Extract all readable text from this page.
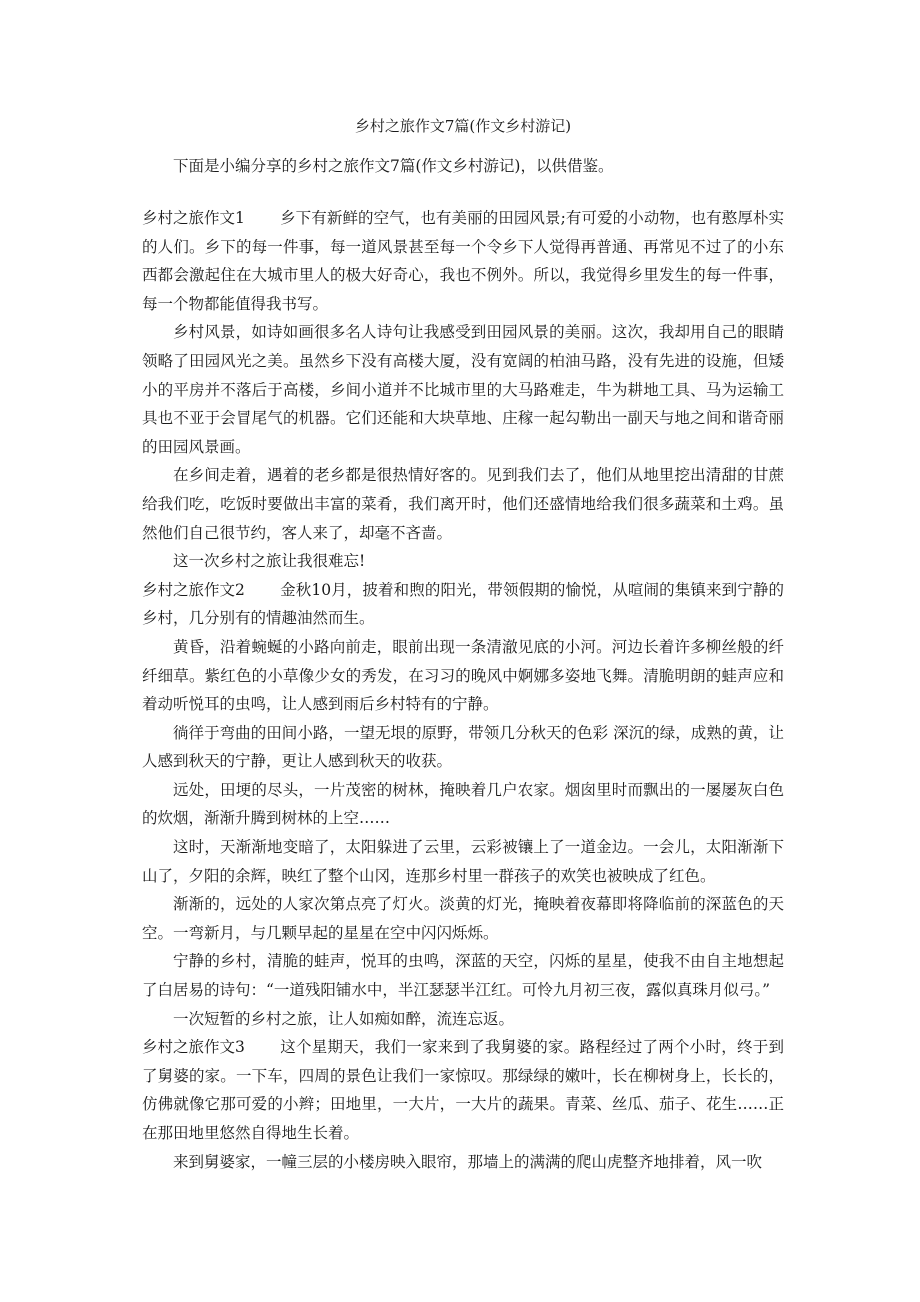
乡村之旅作文7篇(作文乡村游记)

下面是小编分享的乡村之旅作文7篇(作文乡村游记)，以供借鉴。

乡村之旅作文1 乡下有新鲜的空气，也有美丽的田园风景;有可爱的小动物，也有憨厚朴实的人们。乡下的每一件事，每一道风景甚至每一个令乡下人觉得再普通、再常见不过了的小东西都会激起住在大城市里人的极大好奇心，我也不例外。所以，我觉得乡里发生的每一件事，每一个物都能值得我书写。

乡村风景，如诗如画很多名人诗句让我感受到田园风景的美丽。这次，我却用自己的眼睛领略了田园风光之美。虽然乡下没有高楼大厦，没有宽阔的柏油马路，没有先进的设施，但矮小的平房并不落后于高楼，乡间小道并不比城市里的大马路难走，牛为耕地工具、马为运输工具也不亚于会冒尾气的机器。它们还能和大块草地、庄稼一起勾勒出一副天与地之间和谐奇丽的田园风景画。

在乡间走着，遇着的老乡都是很热情好客的。见到我们去了，他们从地里挖出清甜的甘蔗给我们吃，吃饭时要做出丰富的菜肴，我们离开时，他们还盛情地给我们很多蔬菜和土鸡。虽然他们自己很节约，客人来了，却毫不吝啬。

这一次乡村之旅让我很难忘!

乡村之旅作文2 金秋10月，披着和煦的阳光，带领假期的愉悦，从喧闹的集镇来到宁静的乡村，几分别有的情趣油然而生。

黄昏，沿着蜿蜒的小路向前走，眼前出现一条清澈见底的小河。河边长着许多柳丝般的纤纤细草。紫红色的小草像少女的秀发，在习习的晚风中婀娜多姿地飞舞。清脆明朗的蛙声应和着动听悦耳的虫鸣，让人感到雨后乡村特有的宁静。

徜徉于弯曲的田间小路，一望无垠的原野，带领几分秋天的色彩 深沉的绿，成熟的黄，让人感到秋天的宁静，更让人感到秋天的收获。

远处，田埂的尽头，一片茂密的树林，掩映着几户农家。烟囱里时而飘出的一屡屡灰白色的炊烟，渐渐升腾到树林的上空……

这时，天渐渐地变暗了，太阳躲进了云里，云彩被镶上了一道金边。一会儿，太阳渐渐下山了，夕阳的余辉，映红了整个山冈，连那乡村里一群孩子的欢笑也被映成了红色。

渐渐的，远处的人家次第点亮了灯火。淡黄的灯光，掩映着夜幕即将降临前的深蓝色的天空。一弯新月，与几颗早起的星星在空中闪闪烁烁。

宁静的乡村，清脆的蛙声，悦耳的虫鸣，深蓝的天空，闪烁的星星，使我不由自主地想起了白居易的诗句：“一道残阳铺水中，半江瑟瑟半江红。可怜九月初三夜，露似真珠月似弓。”

一次短暂的乡村之旅，让人如痴如醉，流连忘返。

乡村之旅作文3 这个星期天，我们一家来到了我舅婆的家。路程经过了两个小时，终于到了舅婆的家。一下车，四周的景色让我们一家惊叹。那绿绿的嫩叶，长在柳树身上，长长的，仿佛就像它那可爱的小辫；田地里，一大片，一大片的蔬果。青菜、丝瓜、茄子、花生……正在那田地里悠然自得地生长着。

来到舅婆家，一幢三层的小楼房映入眼帘，那墙上的满满的爬山虎整齐地排着，风一吹
